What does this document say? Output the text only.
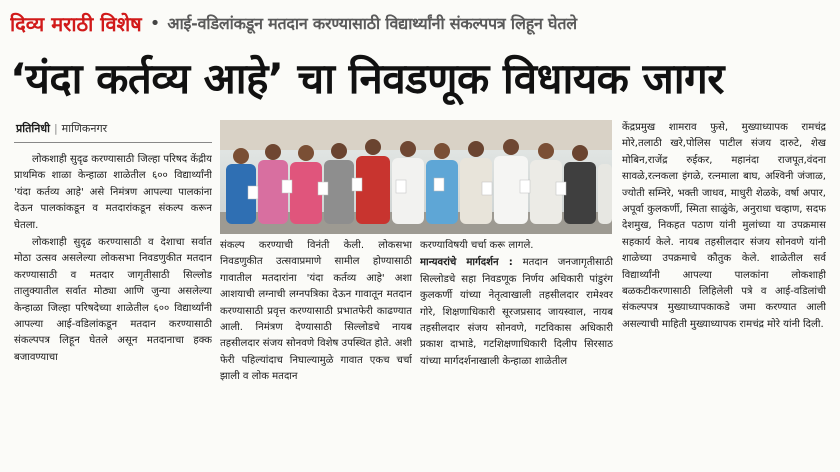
दिव्य मराठी विशेष • आई-वडिलांकडून मतदान करण्यासाठी विद्यार्थ्यांनी संकल्पपत्र लिहून घेतले
‘यंदा कर्तव्य आहे’ चा निवडणूक विधायक जागर
प्रतिनिधी | माणिकनगर

लोकशाही सुदृढ करण्यासाठी जिल्हा परिषद केंद्रीय प्राथमिक शाळा केन्हाळा शाळेतील ६०० विद्यार्थ्यांनी 'यंदा कर्तव्य आहे' असे निमंत्रण आपल्या पालकांना देऊन पालकांकडून व मतदारांकडून संकल्प करून घेतला.

लोकशाही सुदृढ करण्यासाठी व देशाचा सर्वात मोठा उत्सव असलेल्या लोकसभा निवडणुकीत मतदान करण्यासाठी व मतदार जागृतीसाठी सिल्लोड तालुक्यातील सर्वात मोठ्या आणि जुन्या असलेल्या केन्हाळा जिल्हा परिषदेच्या शाळेतील ६०० विद्यार्थ्यांनी आपल्या आई-वडिलांकडून मतदान करण्यासाठी संकल्पपत्र लिहून घेतले असून मतदानाचा हक्क बजावण्याचा

संकल्प करण्याची विनंती केली. लोकसभा निवडणुकीत उत्सवाप्रमाणे सामील होण्यासाठी गावातील मतदारांना 'यंदा कर्तव्य आहे' अशा आशयाची लग्नाची लग्नपत्रिका देऊन गावातून मतदान करण्यासाठी प्रवृत्त करण्यासाठी प्रभातफेरी काढण्यात आली. निमंत्रण देण्यासाठी सिल्लोडचे नायब तहसीलदार संजय सोनवणे विशेष उपस्थित होते. अशी फेरी पहिल्यांदाच निघाल्यामुळे गावात एकच चर्चा झाली व लोक मतदान

करण्याविषयी चर्चा करू लागले.

मान्यवरांचे मार्गदर्शन : मतदान जनजागृतीसाठी सिल्लोडचे सहा निवडणूक निर्णय अधिकारी पांडुरंग कुलकर्णी यांच्या नेतृत्वाखाली तहसीलदार रामेश्वर गोरे, शिक्षणाधिकारी सूरजप्रसाद जायस्वाल, नायब तहसीलदार संजय सोनवणे, गटविकास अधिकारी प्रकाश दाभाडे, गटशिक्षणाधिकारी दिलीप सिरसाठ यांच्या मार्गदर्शनाखाली केन्हाळा शाळेतील

केंद्रप्रमुख शामराव फुसे, मुख्याध्यापक रामचंद्र मोरे,तलाठी खरे,पोलिस पाटील संजय दारुटे, शेख मोबिन,राजेंद्र रुईकर, महानंदा राजपूत,वंदना सावळे,रत्नकला इंगळे, रत्नमाला बाघ, अश्विनी जंजाळ, ज्योती सम्निरे, भक्ती जाधव, माधुरी शेळके, वर्षा अपार, अपूर्वा कुलकर्णी, स्मिता साळुंके, अनुराधा चव्हाण, सदफ देशमुख, निकहत पठाण यांनी मुलांच्या या उपक्रमास सहकार्य केले. नायब तहसीलदार संजय सोनवणे यांनी शाळेच्या उपक्रमाचे कौतुक केले. शाळेतील सर्व विद्यार्थ्यांनी आपल्या पालकांना लोकशाही बळकटीकरणासाठी लिहिलेली पत्रे व आई-वडिलांची संकल्पपत्र मुख्याध्यापकाकडे जमा करण्यात आली असल्याची माहिती मुख्याध्यापक रामचंद्र मोरे यांनी दिली.
